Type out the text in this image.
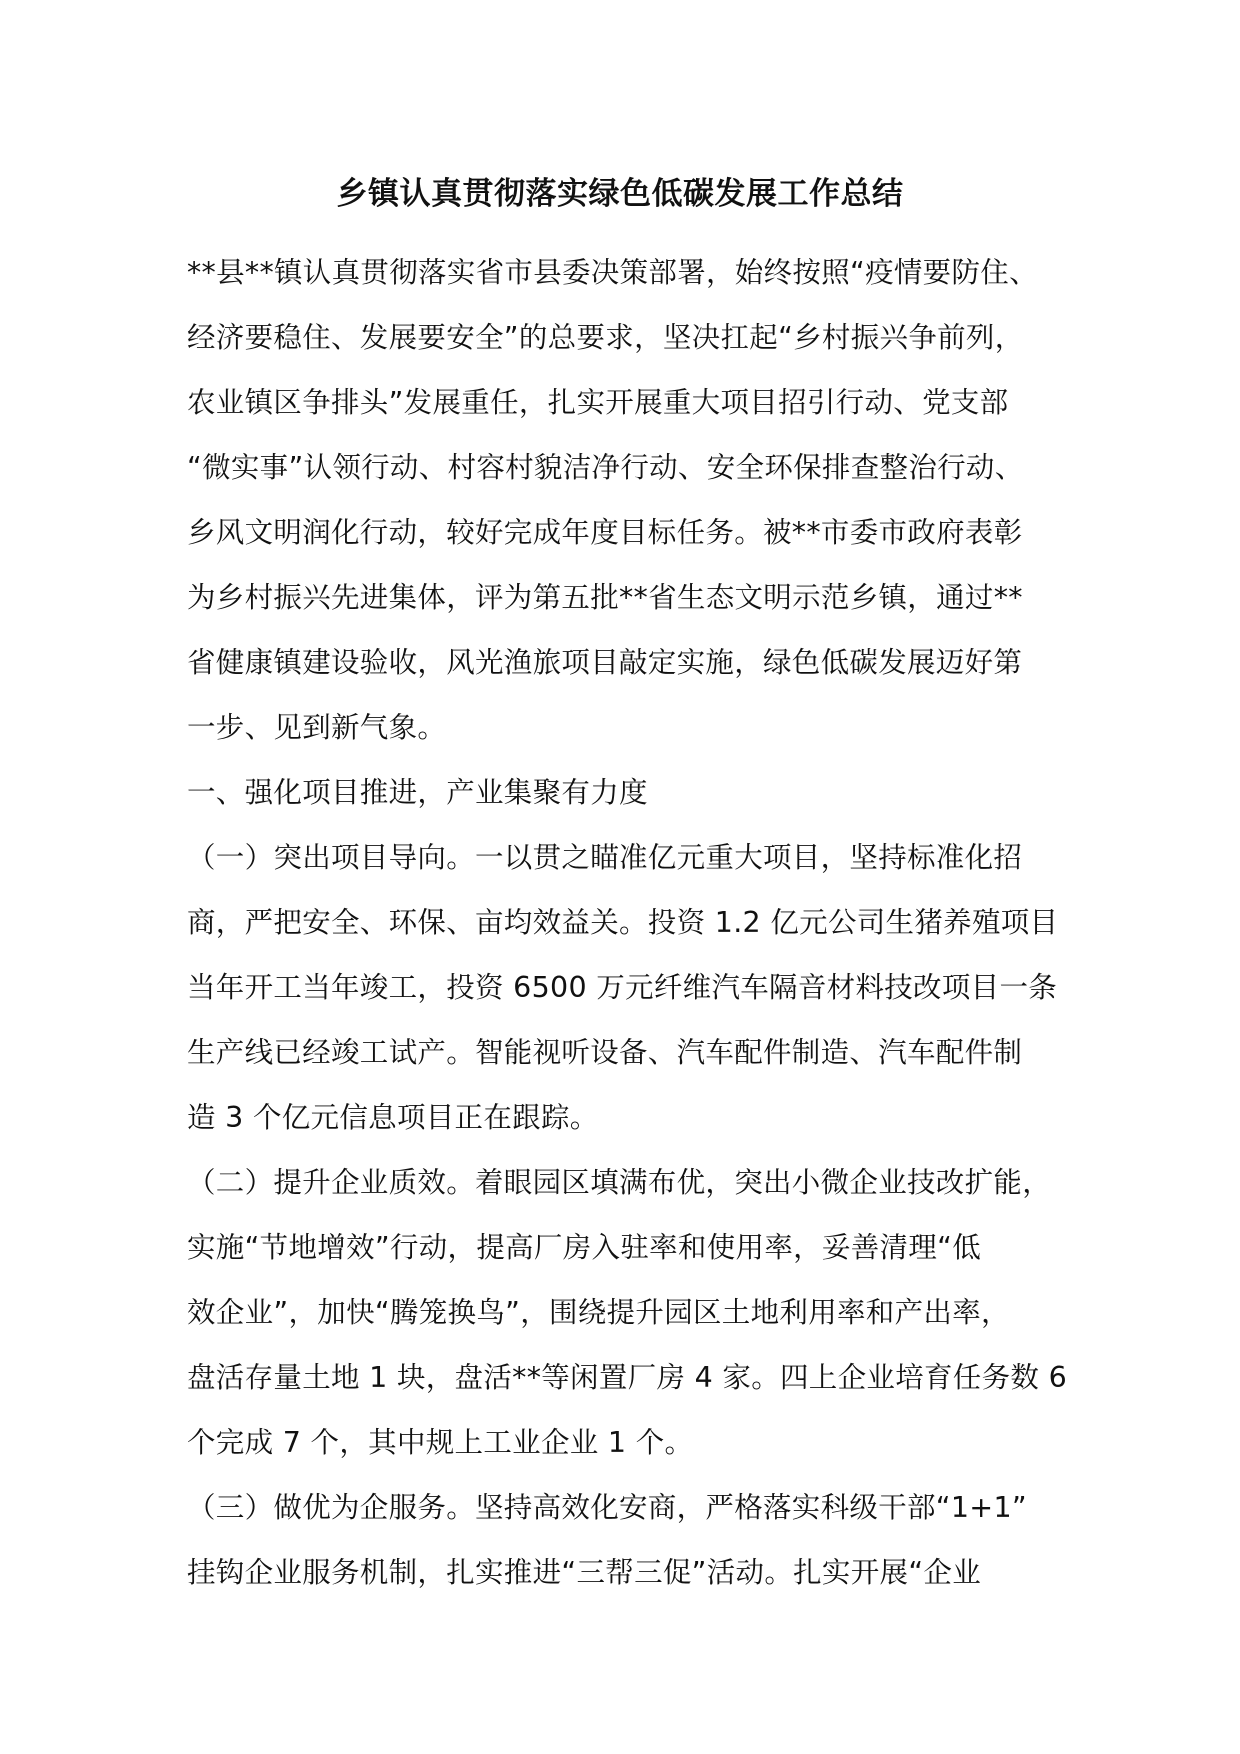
乡镇认真贯彻落实绿色低碳发展工作总结
**县**镇认真贯彻落实省市县委决策部署，始终按照“疫情要防住、
经济要稳住、发展要安全”的总要求，坚决扛起“乡村振兴争前列，
农业镇区争排头”发展重任，扎实开展重大项目招引行动、党支部
“微实事”认领行动、村容村貌洁净行动、安全环保排查整治行动、
乡风文明润化行动，较好完成年度目标任务。被**市委市政府表彰
为乡村振兴先进集体，评为第五批**省生态文明示范乡镇，通过**
省健康镇建设验收，风光渔旅项目敲定实施，绿色低碳发展迈好第
一步、见到新气象。
一、强化项目推进，产业集聚有力度
（一）突出项目导向。一以贯之瞄准亿元重大项目，坚持标准化招
商，严把安全、环保、亩均效益关。投资 1.2 亿元公司生猪养殖项目
当年开工当年竣工，投资 6500 万元纤维汽车隔音材料技改项目一条
生产线已经竣工试产。智能视听设备、汽车配件制造、汽车配件制
造 3 个亿元信息项目正在跟踪。
（二）提升企业质效。着眼园区填满布优，突出小微企业技改扩能，
实施“节地增效”行动，提高厂房入驻率和使用率，妥善清理“低
效企业”，加快“腾笼换鸟”，围绕提升园区土地利用率和产出率，
盘活存量土地 1 块，盘活**等闲置厂房 4 家。四上企业培育任务数 6
个完成 7 个，其中规上工业企业 1 个。
（三）做优为企服务。坚持高效化安商，严格落实科级干部“1+1”
挂钩企业服务机制，扎实推进“三帮三促”活动。扎实开展“企业
